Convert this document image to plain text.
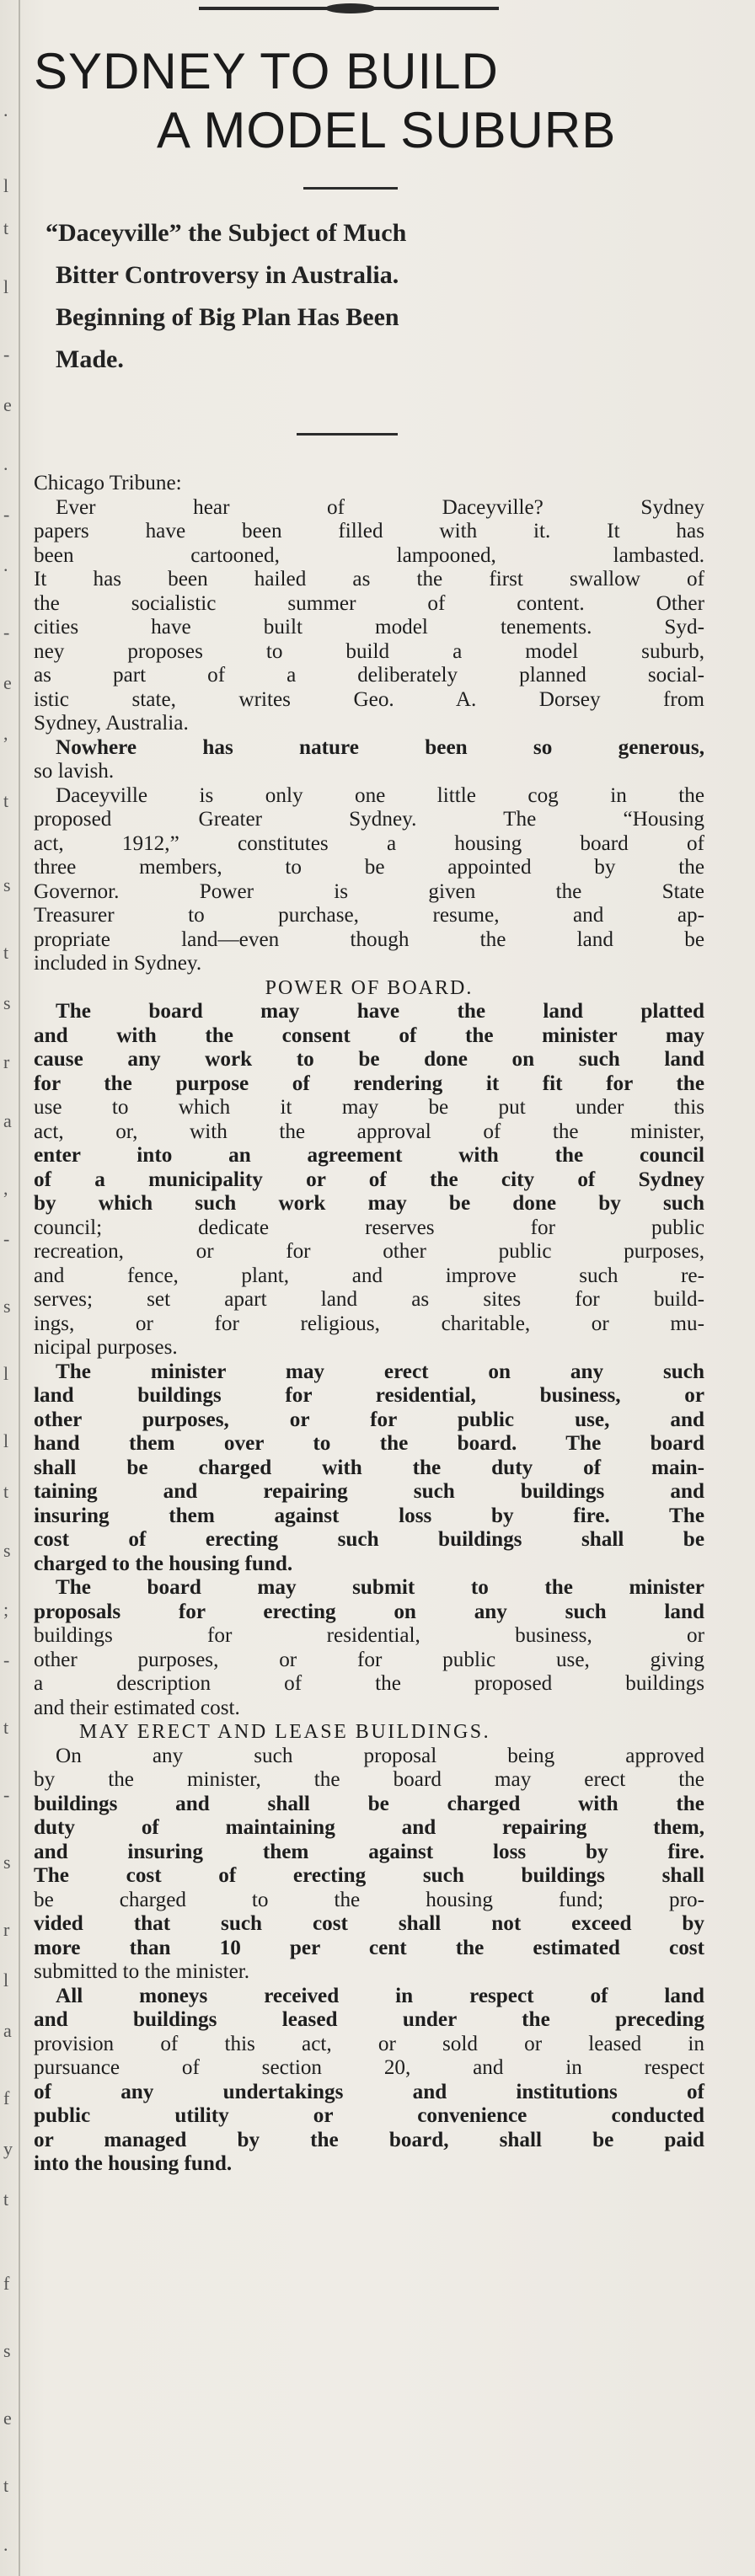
.
l
t
l
-
e
.
-
.
-
e
,
t
s
t
s
r
a
,
-
s
l
l
t
s
;
-
t
-
s
r
l
a
f
y
t
f
s
e
t
.
SYDNEY TO BUILD
A MODEL SUBURB
“Daceyville” the Subject of Much
Bitter Controversy in Australia.
Beginning of Big Plan Has Been
Made.
Chicago Tribune:
Ever hear of Daceyville? Sydney
papers have been filled with it. It has
been cartooned, lampooned, lambasted.
It has been hailed as the first swallow of
the socialistic summer of content. Other
cities have built model tenements. Syd-
ney proposes to build a model suburb,
as part of a deliberately planned social-
istic state, writes Geo. A. Dorsey from
Sydney, Australia.
Nowhere has nature been so generous,
so lavish.
Daceyville is only one little cog in the
proposed Greater Sydney. The “Housing
act, 1912,” constitutes a housing board of
three members, to be appointed by the
Governor. Power is given the State
Treasurer to purchase, resume, and ap-
propriate land—even though the land be
included in Sydney.
POWER OF BOARD.
The board may have the land platted
and with the consent of the minister may
cause any work to be done on such land
for the purpose of rendering it fit for the
use to which it may be put under this
act, or, with the approval of the minister,
enter into an agreement with the council
of a municipality or of the city of Sydney
by which such work may be done by such
council; dedicate reserves for public
recreation, or for other public purposes,
and fence, plant, and improve such re-
serves; set apart land as sites for build-
ings, or for religious, charitable, or mu-
nicipal purposes.
The minister may erect on any such
land buildings for residential, business, or
other purposes, or for public use, and
hand them over to the board. The board
shall be charged with the duty of main-
taining and repairing such buildings and
insuring them against loss by fire. The
cost of erecting such buildings shall be
charged to the housing fund.
The board may submit to the minister
proposals for erecting on any such land
buildings for residential, business, or
other purposes, or for public use, giving
a description of the proposed buildings
and their estimated cost.
MAY ERECT AND LEASE BUILDINGS.
On any such proposal being approved
by the minister, the board may erect the
buildings and shall be charged with the
duty of maintaining and repairing them,
and insuring them against loss by fire.
The cost of erecting such buildings shall
be charged to the housing fund; pro-
vided that such cost shall not exceed by
more than 10 per cent the estimated cost
submitted to the minister.
All moneys received in respect of land
and buildings leased under the preceding
provision of this act, or sold or leased in
pursuance of section 20, and in respect
of any undertakings and institutions of
public utility or convenience conducted
or managed by the board, shall be paid
into the housing fund.
